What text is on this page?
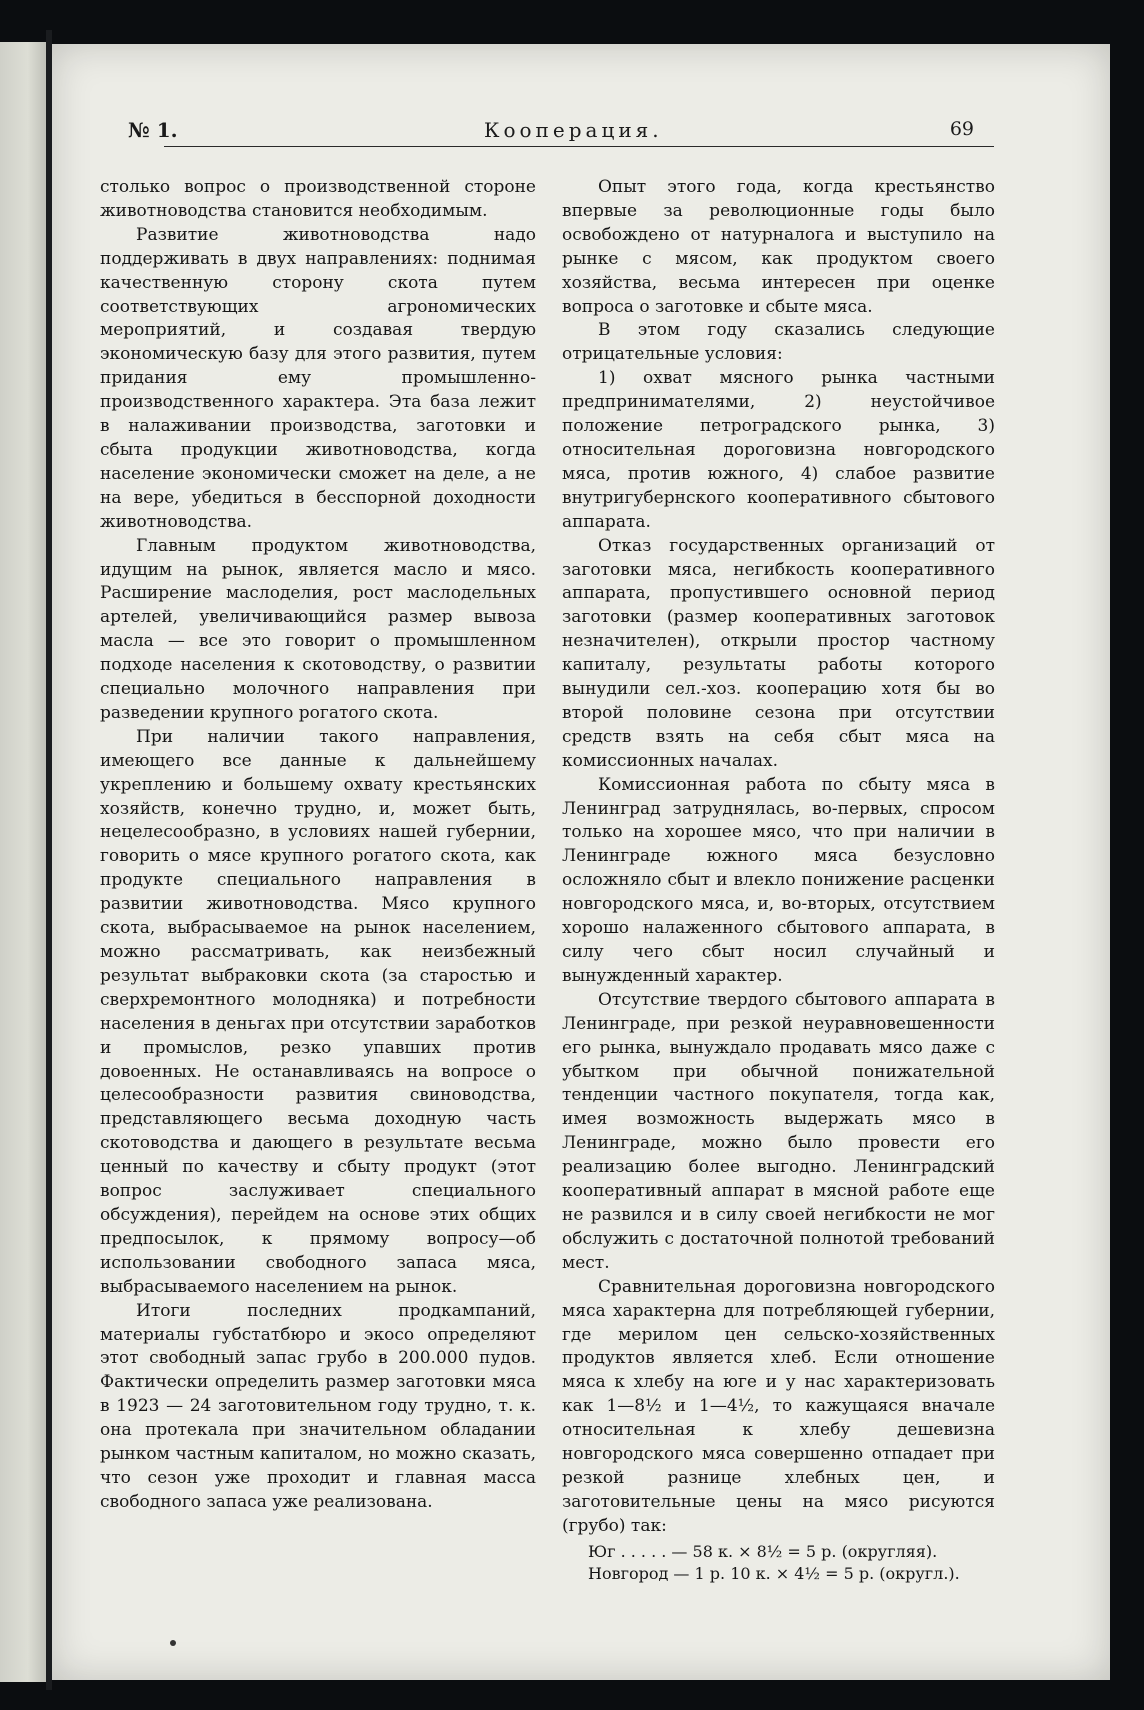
№ 1.	Кооперация.	69

столько вопрос о производственной стороне животноводства становится необходимым.

Развитие животноводства надо поддерживать в двух направлениях: поднимая качественную сторону скота путем соответствующих агрономических мероприятий, и создавая твердую экономическую базу для этого развития, путем придания ему промышленно-производственного характера. Эта база лежит в налаживании производства, заготовки и сбыта продукции животноводства, когда население экономически сможет на деле, а не на вере, убедиться в бесспорной доходности животноводства.

Главным продуктом животноводства, идущим на рынок, является масло и мясо. Расширение маслоделия, рост маслодельных артелей, увеличивающийся размер вывоза масла — все это говорит о промышленном подходе населения к скотоводству, о развитии специально молочного направления при разведении крупного рогатого скота.

При наличии такого направления, имеющего все данные к дальнейшему укреплению и большему охвату крестьянских хозяйств, конечно трудно, и, может быть, нецелесообразно, в условиях нашей губернии, говорить о мясе крупного рогатого скота, как продукте специального направления в развитии животноводства. Мясо крупного скота, выбрасываемое на рынок населением, можно рассматривать, как неизбежный результат выбраковки скота (за старостью и сверхремонтного молодняка) и потребности населения в деньгах при отсутствии заработков и промыслов, резко упавших против довоенных. Не останавливаясь на вопросе о целесообразности развития свиноводства, представляющего весьма доходную часть скотоводства и дающего в результате весьма ценный по качеству и сбыту продукт (этот вопрос заслуживает специального обсуждения), перейдем на основе этих общих предпосылок, к прямому вопросу—об использовании свободного запаса мяса, выбрасываемого населением на рынок.

Итоги последних продкампаний, материалы губстатбюро и экосо определяют этот свободный запас грубо в 200.000 пудов. Фактически определить размер заготовки мяса в 1923 — 24 заготовительном году трудно, т. к. она протекала при значительном обладании рынком частным капиталом, но можно сказать, что сезон уже проходит и главная масса свободного запаса уже реализована.

Опыт этого года, когда крестьянство впервые за революционные годы было освобождено от натурналога и выступило на рынке с мясом, как продуктом своего хозяйства, весьма интересен при оценке вопроса о заготовке и сбыте мяса.

В этом году сказались следующие отрицательные условия:

1) охват мясного рынка частными предпринимателями, 2) неустойчивое положение петроградского рынка, 3) относительная дороговизна новгородского мяса, против южного, 4) слабое развитие внутригубернского кооперативного сбытового аппарата.

Отказ государственных организаций от заготовки мяса, негибкость кооперативного аппарата, пропустившего основной период заготовки (размер кооперативных заготовок незначителен), открыли простор частному капиталу, результаты работы которого вынудили сел.-хоз. кооперацию хотя бы во второй половине сезона при отсутствии средств взять на себя сбыт мяса на комиссионных началах.

Комиссионная работа по сбыту мяса в Ленинград затруднялась, во-первых, спросом только на хорошее мясо, что при наличии в Ленинграде южного мяса безусловно осложняло сбыт и влекло понижение расценки новгородского мяса, и, во-вторых, отсутствием хорошо налаженного сбытового аппарата, в силу чего сбыт носил случайный и вынужденный характер.

Отсутствие твердого сбытового аппарата в Ленинграде, при резкой неуравновешенности его рынка, вынуждало продавать мясо даже с убытком при обычной понижательной тенденции частного покупателя, тогда как, имея возможность выдержать мясо в Ленинграде, можно было провести его реализацию более выгодно. Ленинградский кооперативный аппарат в мясной работе еще не развился и в силу своей негибкости не мог обслужить с достаточной полнотой требований мест.

Сравнительная дороговизна новгородского мяса характерна для потребляющей губернии, где мерилом цен сельско-хозяйственных продуктов является хлеб. Если отношение мяса к хлебу на юге и у нас характеризовать как 1—8½ и 1—4½, то кажущаяся вначале относительная к хлебу дешевизна новгородского мяса совершенно отпадает при резкой разнице хлебных цен, и заготовительные цены на мясо рисуются (грубо) так:

Юг . . . . . — 58 к. × 8½ = 5 р. (округляя).
Новгород — 1 р. 10 к. × 4½ = 5 р. (округл.).
